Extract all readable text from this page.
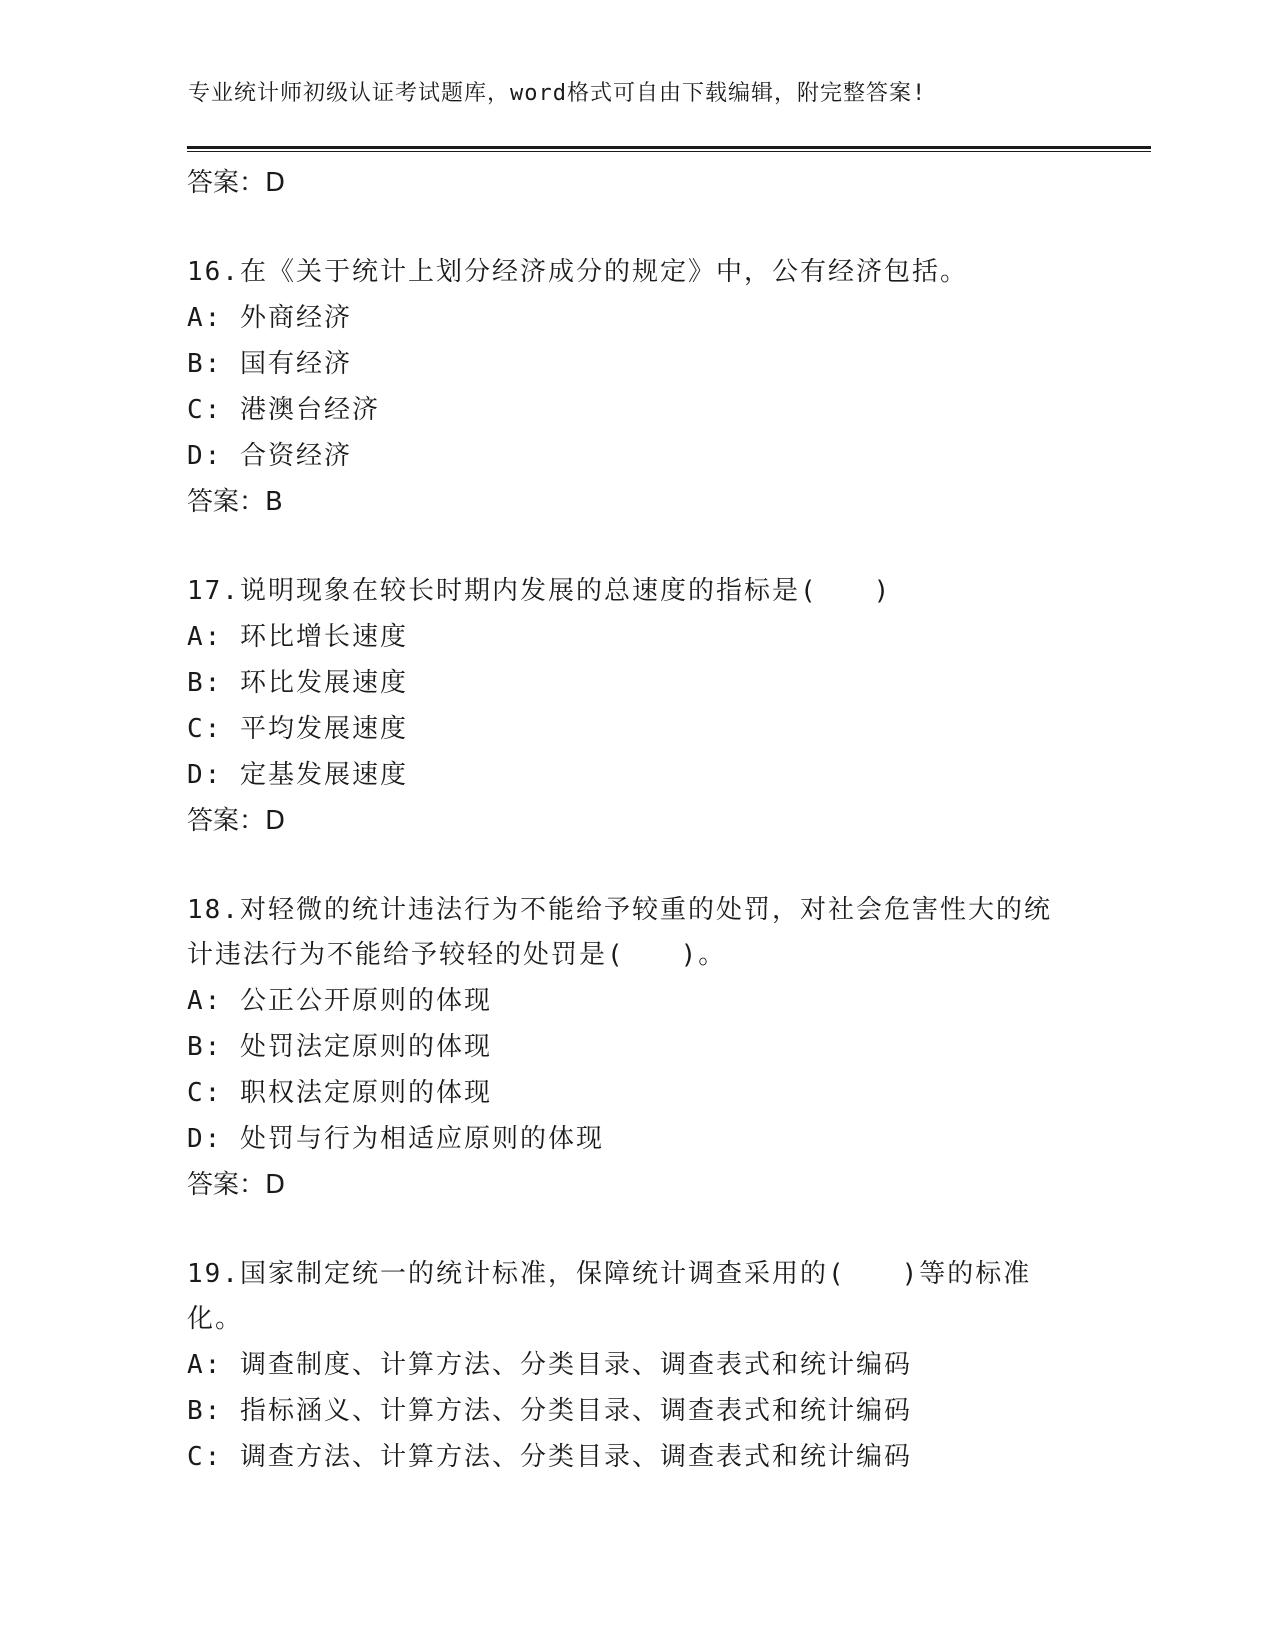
专业统计师初级认证考试题库，word格式可自由下载编辑，附完整答案!
答案：D
16.在《关于统计上划分经济成分的规定》中，公有经济包括。
A: 外商经济
B: 国有经济
C: 港澳台经济
D: 合资经济
答案：B
17.说明现象在较长时期内发展的总速度的指标是(　　)
A: 环比增长速度
B: 环比发展速度
C: 平均发展速度
D: 定基发展速度
答案：D
18.对轻微的统计违法行为不能给予较重的处罚，对社会危害性大的统计违法行为不能给予较轻的处罚是(　　)。
A: 公正公开原则的体现
B: 处罚法定原则的体现
C: 职权法定原则的体现
D: 处罚与行为相适应原则的体现
答案：D
19.国家制定统一的统计标准，保障统计调查采用的(　　)等的标准化。
A: 调查制度、计算方法、分类目录、调查表式和统计编码
B: 指标涵义、计算方法、分类目录、调查表式和统计编码
C: 调查方法、计算方法、分类目录、调查表式和统计编码
